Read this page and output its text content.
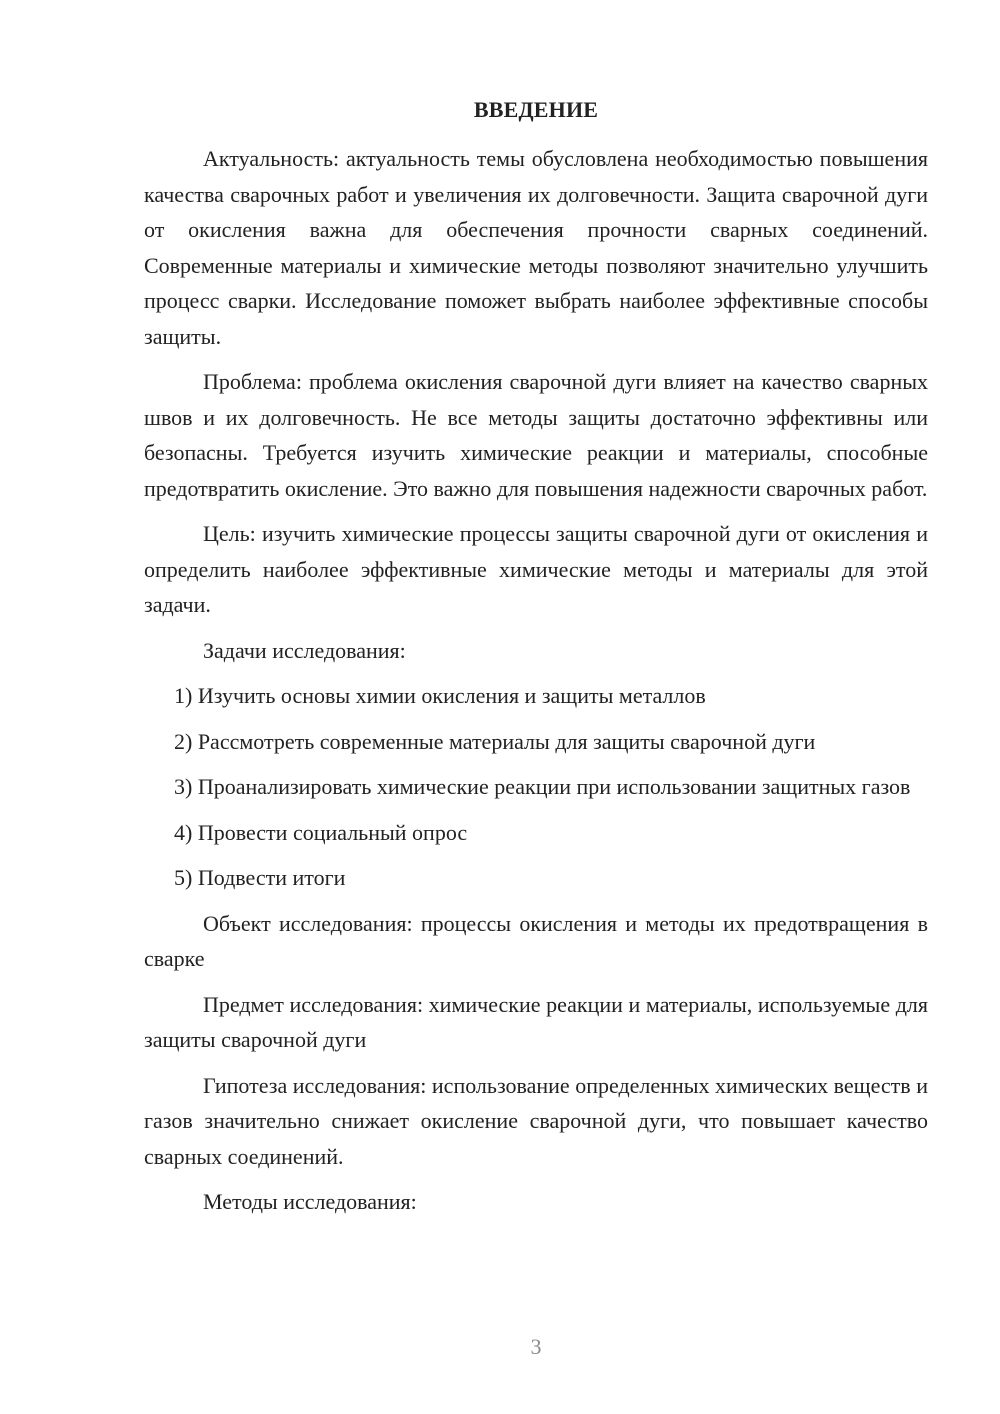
ВВЕДЕНИЕ

Актуальность: актуальность темы обусловлена необходимостью повышения качества сварочных работ и увеличения их долговечности. Защита сварочной дуги от окисления важна для обеспечения прочности сварных соединений. Современные материалы и химические методы позволяют значительно улучшить процесс сварки. Исследование поможет выбрать наиболее эффективные способы защиты.

Проблема: проблема окисления сварочной дуги влияет на качество сварных швов и их долговечность. Не все методы защиты достаточно эффективны или безопасны. Требуется изучить химические реакции и материалы, способные предотвратить окисление. Это важно для повышения надежности сварочных работ.

Цель: изучить химические процессы защиты сварочной дуги от окисления и определить наиболее эффективные химические методы и материалы для этой задачи.

Задачи исследования:

1) Изучить основы химии окисления и защиты металлов

2) Рассмотреть современные материалы для защиты сварочной дуги

3) Проанализировать химические реакции при использовании защитных газов

4) Провести социальный опрос

5) Подвести итоги

Объект исследования: процессы окисления и методы их предотвращения в сварке

Предмет исследования: химические реакции и материалы, используемые для защиты сварочной дуги

Гипотеза исследования: использование определенных химических веществ и газов значительно снижает окисление сварочной дуги, что повышает качество сварных соединений.

Методы исследования:

3
